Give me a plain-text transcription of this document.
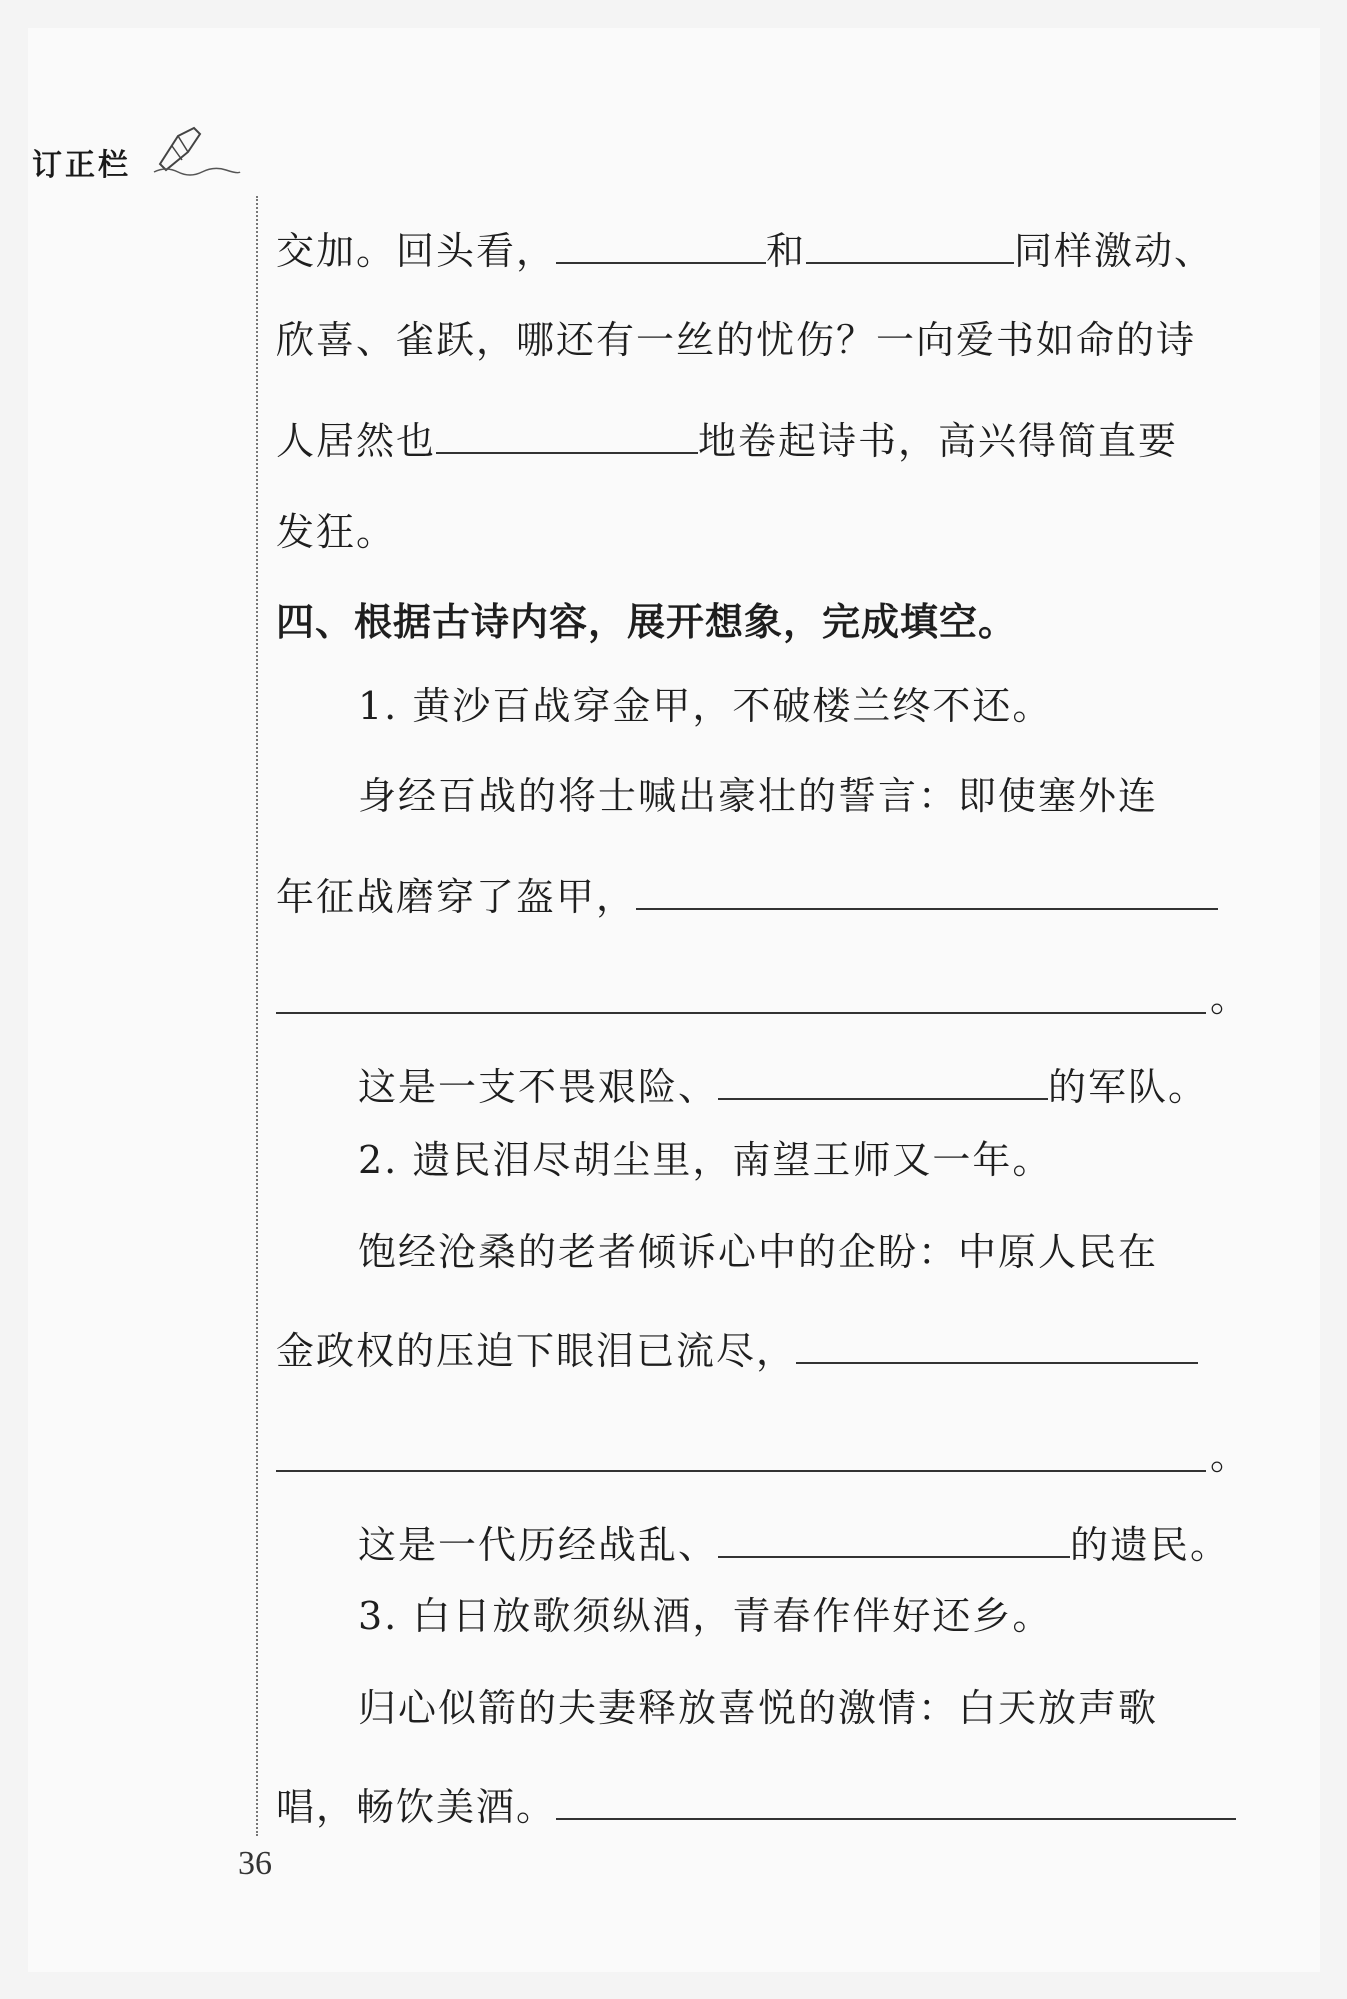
订正栏
交加。回头看，	和	同样激动、
欣喜、雀跃，哪还有一丝的忧伤？一向爱书如命的诗
人居然也	地卷起诗书，高兴得简直要
发狂。
四、根据古诗内容，展开想象，完成填空。
1. 黄沙百战穿金甲，不破楼兰终不还。
身经百战的将士喊出豪壮的誓言：即使塞外连
年征战磨穿了盔甲，
。
这是一支不畏艰险、	的军队。
2. 遗民泪尽胡尘里，南望王师又一年。
饱经沧桑的老者倾诉心中的企盼：中原人民在
金政权的压迫下眼泪已流尽，
。
这是一代历经战乱、	的遗民。
3. 白日放歌须纵酒，青春作伴好还乡。
归心似箭的夫妻释放喜悦的激情：白天放声歌
唱，畅饮美酒。
36
